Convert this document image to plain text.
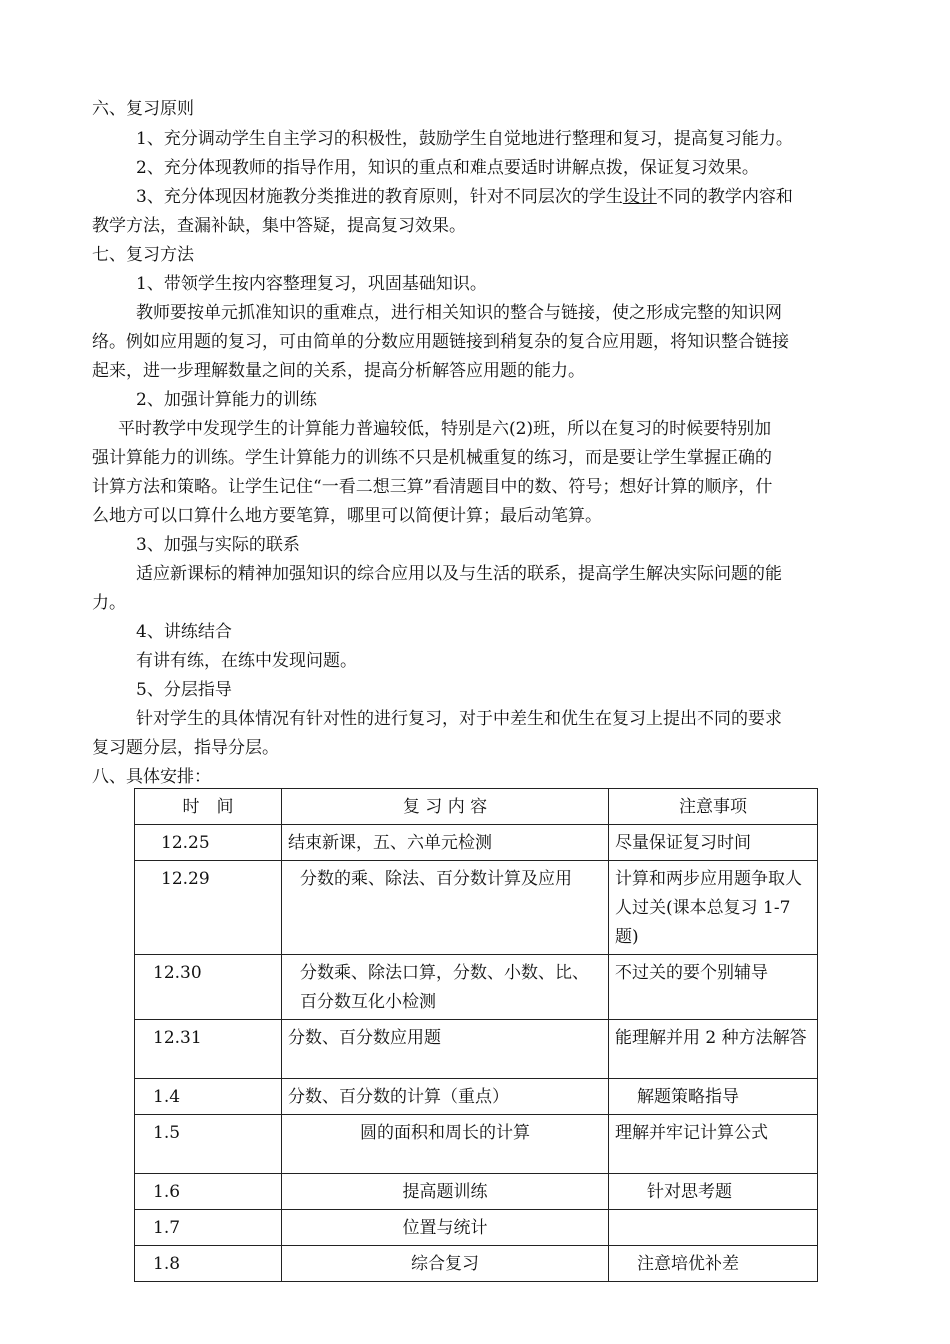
六、复习原则
1、充分调动学生自主学习的积极性，鼓励学生自觉地进行整理和复习，提高复习能力。
2、充分体现教师的指导作用，知识的重点和难点要适时讲解点拨，保证复习效果。
3、充分体现因材施教分类推进的教育原则，针对不同层次的学生设计不同的教学内容和
教学方法，查漏补缺，集中答疑，提高复习效果。
七、复习方法
1、带领学生按内容整理复习，巩固基础知识。
教师要按单元抓准知识的重难点，进行相关知识的整合与链接，使之形成完整的知识网
络。例如应用题的复习，可由简单的分数应用题链接到稍复杂的复合应用题，将知识整合链接
起来，进一步理解数量之间的关系，提高分析解答应用题的能力。
2、加强计算能力的训练
平时教学中发现学生的计算能力普遍较低，特别是六(2)班，所以在复习的时候要特别加
强计算能力的训练。学生计算能力的训练不只是机械重复的练习，而是要让学生掌握正确的
计算方法和策略。让学生记住“一看二想三算”看清题目中的数、符号；想好计算的顺序，什
么地方可以口算什么地方要笔算，哪里可以简便计算；最后动笔算。
3、加强与实际的联系
适应新课标的精神加强知识的综合应用以及与生活的联系，提高学生解决实际问题的能
力。
4、讲练结合
有讲有练，在练中发现问题。
5、分层指导
针对学生的具体情况有针对性的进行复习，对于中差生和优生在复习上提出不同的要求
复习题分层，指导分层。
八、具体安排：
时　间	复 习 内 容	注意事项
12.25	结束新课，五、六单元检测	尽量保证复习时间
12.29	分数的乘、除法、百分数计算及应用	计算和两步应用题争取人人过关(课本总复习 1-7 题)
12.30	分数乘、除法口算，分数、小数、比、百分数互化小检测	不过关的要个别辅导
12.31	分数、百分数应用题	能理解并用 2 种方法解答
1.4	分数、百分数的计算（重点）	解题策略指导
1.5	圆的面积和周长的计算	理解并牢记计算公式
1.6	提高题训练	针对思考题
1.7	位置与统计	
1.8	综合复习	注意培优补差
